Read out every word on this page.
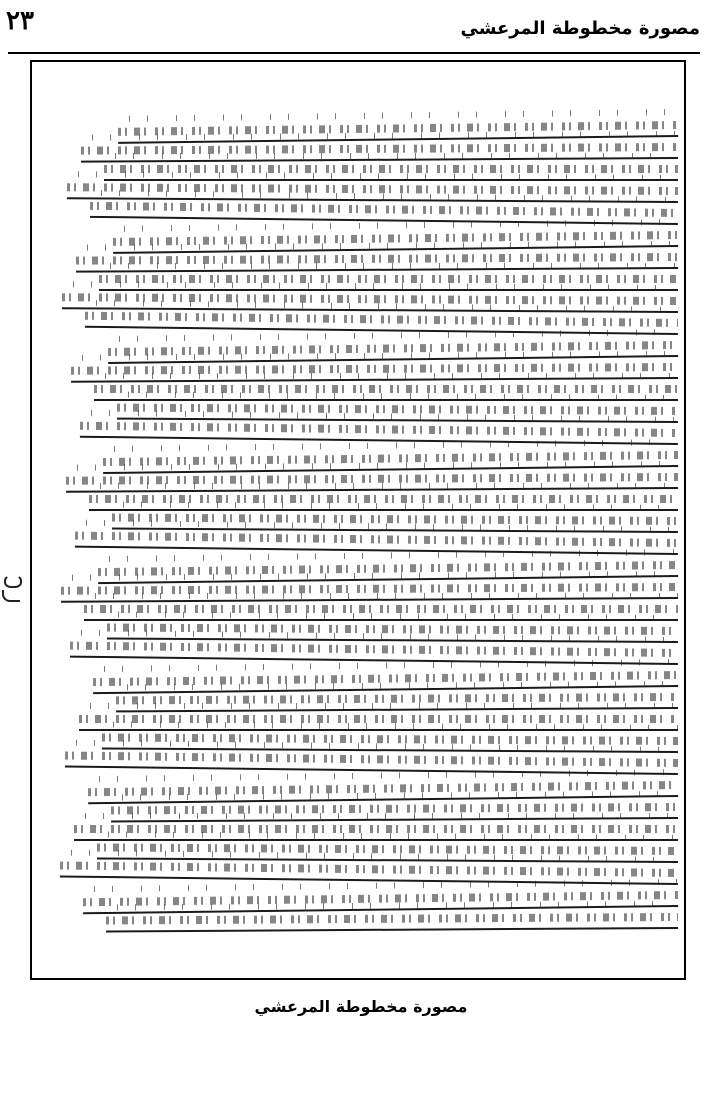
٢٣	مصورة مخطوطة المرعشي
مصورة مخطوطة المرعشي
